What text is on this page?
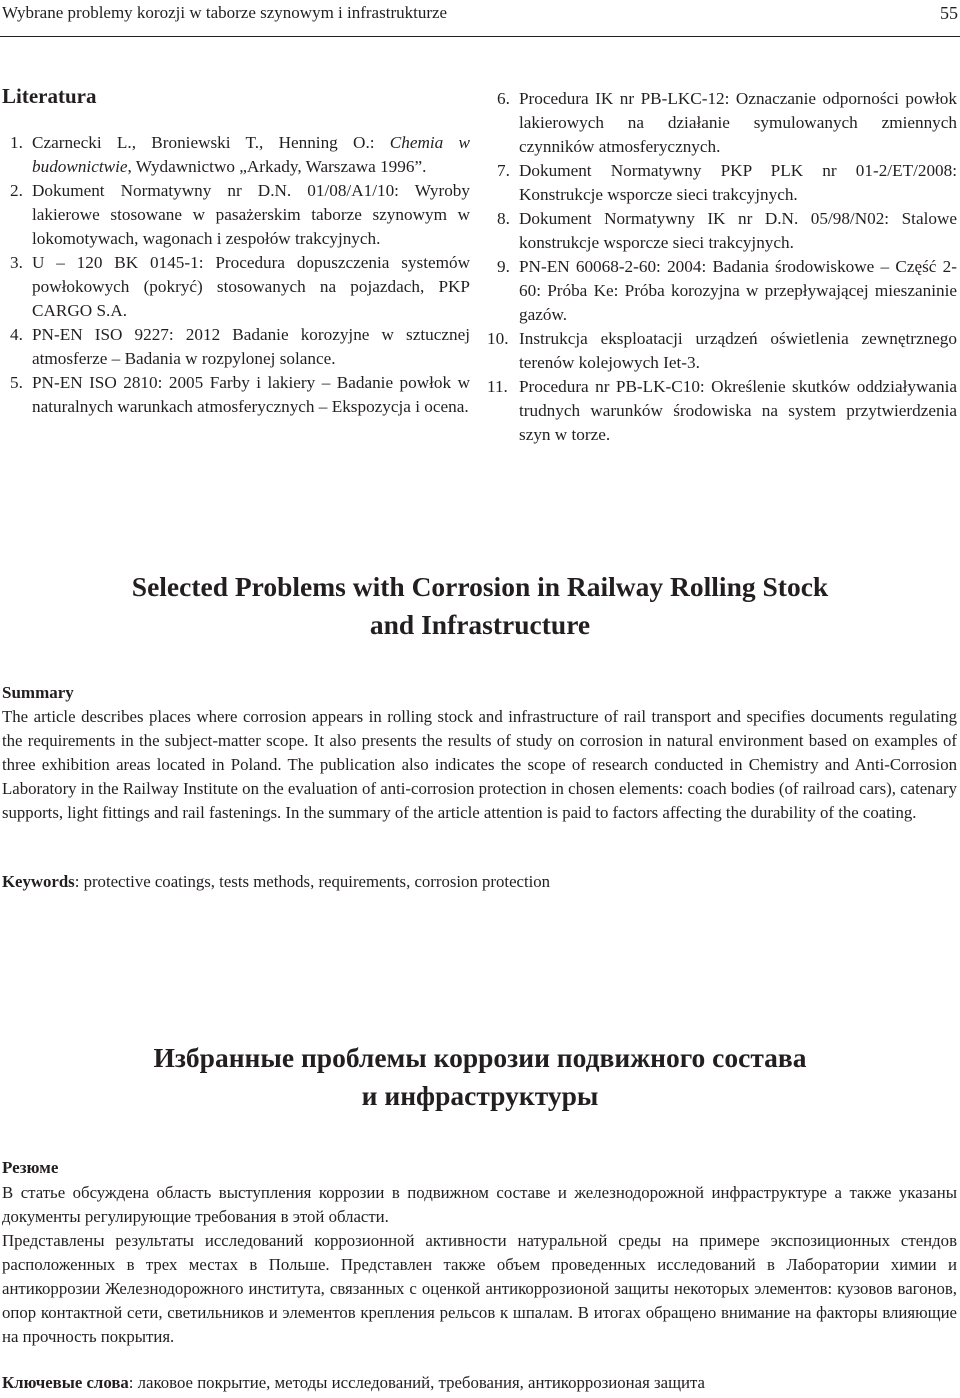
Wybrane problemy korozji w taborze szynowym i infrastrukturze	55
Literatura
1. Czarnecki L., Broniewski T., Henning O.: Chemia w budownictwie, Wydawnictwo „Arkady, Warszawa 1996”.
2. Dokument Normatywny nr D.N. 01/08/A1/10: Wyroby lakierowe stosowane w pasażerskim taborze szynowym w lokomotywach, wagonach i zespołów trakcyjnych.
3. U – 120 BK 0145-1: Procedura dopuszczenia systemów powłokowych (pokryć) stosowanych na pojazdach, PKP CARGO S.A.
4. PN-EN ISO 9227: 2012 Badanie korozyjne w sztucznej atmosferze – Badania w rozpylonej solance.
5. PN-EN ISO 2810: 2005 Farby i lakiery – Badanie powłok w naturalnych warunkach atmosferycznych – Ekspozycja i ocena.
6. Procedura IK nr PB-LKC-12: Oznaczanie odporności powłok lakierowych na działanie symulowanych zmiennych czynników atmosferycznych.
7. Dokument Normatywny PKP PLK nr 01-2/ET/2008: Konstrukcje wsporcze sieci trakcyjnych.
8. Dokument Normatywny IK nr D.N. 05/98/N02: Stalowe konstrukcje wsporcze sieci trakcyjnych.
9. PN-EN 60068-2-60: 2004: Badania środowiskowe – Część 2-60: Próba Ke: Próba korozyjna w przepływającej mieszaninie gazów.
10. Instrukcja eksploatacji urządzeń oświetlenia zewnętrznego terenów kolejowych Iet-3.
11. Procedura nr PB-LK-C10: Określenie skutków oddziaływania trudnych warunków środowiska na system przytwierdzenia szyn w torze.
Selected Problems with Corrosion in Railway Rolling Stock
and Infrastructure
Summary

The article describes places where corrosion appears in rolling stock and infrastructure of rail transport and specifies documents regulating the requirements in the subject-matter scope. It also presents the results of study on corrosion in natural environment based on examples of three exhibition areas located in Poland. The publication also indicates the scope of research conducted in Chemistry and Anti-Corrosion Laboratory in the Railway Institute on the evaluation of anti-corrosion protection in chosen elements: coach bodies (of railroad cars), catenary supports, light fittings and rail fastenings. In the summary of the article attention is paid to factors affecting the durability of the coating.

Keywords: protective coatings, tests methods, requirements, corrosion protection
Избранные проблемы коррозии подвижного состава
и инфраструктуры
Резюме

В статье обсуждена область выступления коррозии в подвижном составе и железнодорожной инфраструктуре а также указаны документы регулирующие требования в этой области.

Представлены результаты исследований коррозионной активности натуральной среды на примере экспозиционных стендов расположенных в трех местах в Польше. Представлен также объем проведенных исследований в Лаборатории химии и антикоррозии Железнодорожного института, связанных с оценкой антикоррозионой защиты некоторых элементов: кузовов вагонов, опор контактной сети, светильников и элементов крепления рельсов к шпалам. В итогах обращено внимание на факторы влияющие на прочность покрытия.

Ключевые слова: лаковое покрытие, методы исследований, требования, антикоррозионая защита
